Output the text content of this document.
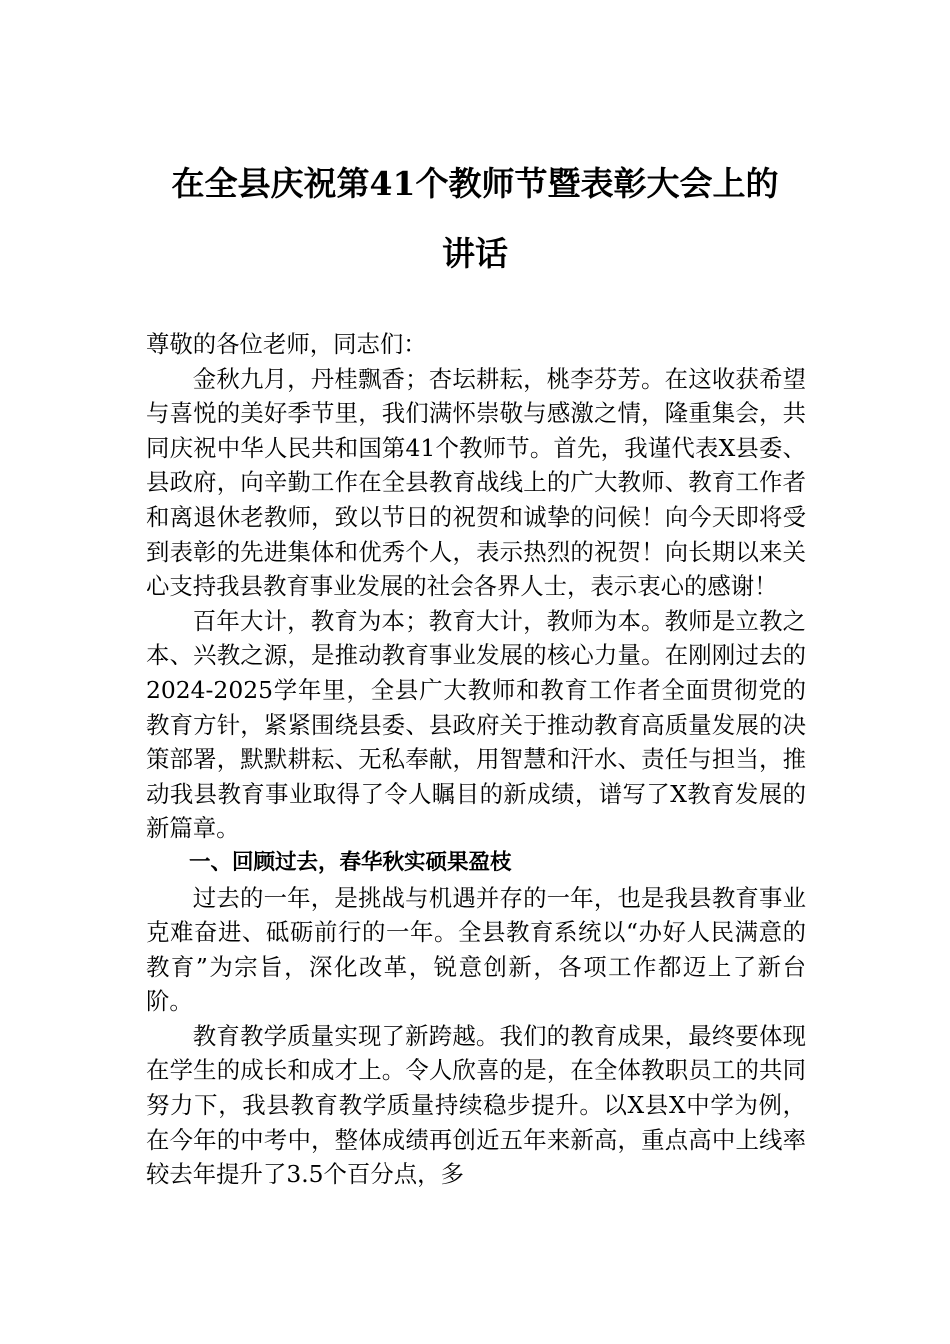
在全县庆祝第41个教师节暨表彰大会上的
讲话

尊敬的各位老师，同志们：

金秋九月，丹桂飘香；杏坛耕耘，桃李芬芳。在这收获希望与喜悦的美好季节里，我们满怀崇敬与感激之情，隆重集会，共同庆祝中华人民共和国第41个教师节。首先，我谨代表X县委、县政府，向辛勤工作在全县教育战线上的广大教师、教育工作者和离退休老教师，致以节日的祝贺和诚挚的问候！向今天即将受到表彰的先进集体和优秀个人，表示热烈的祝贺！向长期以来关心支持我县教育事业发展的社会各界人士，表示衷心的感谢！

百年大计，教育为本；教育大计，教师为本。教师是立教之本、兴教之源，是推动教育事业发展的核心力量。在刚刚过去的2024-2025学年里，全县广大教师和教育工作者全面贯彻党的教育方针，紧紧围绕县委、县政府关于推动教育高质量发展的决策部署，默默耕耘、无私奉献，用智慧和汗水、责任与担当，推动我县教育事业取得了令人瞩目的新成绩，谱写了X教育发展的新篇章。

一、回顾过去，春华秋实硕果盈枝

过去的一年，是挑战与机遇并存的一年，也是我县教育事业克难奋进、砥砺前行的一年。全县教育系统以“办好人民满意的教育”为宗旨，深化改革，锐意创新，各项工作都迈上了新台阶。

教育教学质量实现了新跨越。我们的教育成果，最终要体现在学生的成长和成才上。令人欣喜的是，在全体教职员工的共同努力下，我县教育教学质量持续稳步提升。以X县X中学为例，在今年的中考中，整体成绩再创近五年来新高，重点高中上线率较去年提升了3.5个百分点，多
